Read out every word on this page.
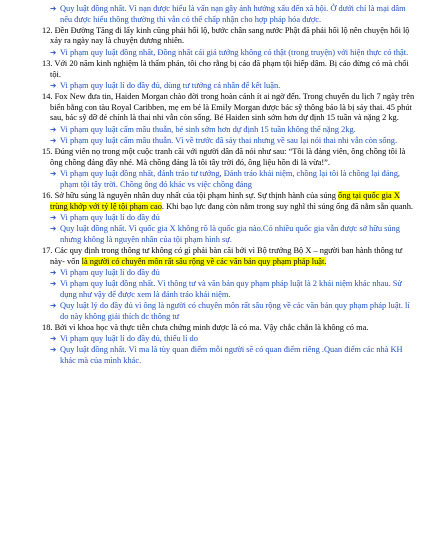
➔ Quy luật đồng nhất. Vì nạn được hiểu là vấn nạn gây ảnh hưởng xấu đến xã hội. Ở dưới chỉ là mại dâm nếu được hiểu thông thường thì vẫn có thể chấp nhận cho hợp pháp hóa được.
12. Đền Đường Tăng đi lấy kinh cũng phải hối lộ, bước chân sang nước Phật đã phải hối lộ nên chuyện hối lộ xảy ra ngày nay là chuyện đương nhiên.
➔ Vi phạm quy luật đồng nhất, Đồng nhất cái giả tưởng không có thật (trong truyện) với hiện thực có thật.
13. Với 20 năm kinh nghiệm là thẩm phán, tôi cho rằng bị cáo đã phạm tội hiếp dâm. Bị cáo đừng có mà chối tội.
➔ Vi phạm quy luật lí do đầy đủ, dùng tư tưởng cá nhân để kết luận.
14. Fox New đưa tin, Haiden Morgan chào đời trong hoàn cảnh ít ai ngờ đến. Trong chuyến du lịch 7 ngày trên biển bằng con tàu Royal Caribben, mẹ em bé là Emily Morgan được bác sỹ thông báo là bị sảy thai. 45 phút sau, bác sỹ đỡ đẻ chính là thai nhi vẫn còn sống. Bé Haiden sinh sớm hơn dự định 15 tuần và nặng 2 kg.
➔ Vi phạm quy luật cấm mâu thuẫn, bé sinh sớm hơn dự định 15 tuần không thể nặng 2kg.
➔ Vi phạm quy luật cấm mâu thuẫn. Vì về trước đã sảy thai nhưng về sau lại nói thai nhi vẫn còn sống.
15. Đúng viên nọ trong một cuộc tranh cãi với người dân đã nói như sau: “Tôi là đảng viên, ông chồng tôi là ông chồng đảng đầy nhé. Mà chồng đảng là tôi tây trời đó, ông liệu hồn đi là vừa!”.
➔ Vi phạm quy luật đồng nhất, đánh tráo tư tưởng, Đánh tráo khái niệm, chồng lại tôi là chồng lại đảng, phạm tội tây trời. Chồng ông đó khác vs việc chồng đảng
16. Sở hữu súng là nguyên nhân duy nhất của tội phạm hình sự. Sự thịnh hành của súng ống tại quốc gia X trùng khớp với tỷ lệ tội phạm cao. Khi bạo lực đang còn nằm trong suy nghĩ thì súng ống đã nằm sẵn quanh.
➔ Vi phạm quy luật lí do đầy đủ
➔ Quy luật đồng nhất. Vì quốc gia X không rõ là quốc gia nào.Có nhiều quốc gia vẫn được sở hữu súng nhưng không là nguyên nhân của tội phạm hình sự.
17. Các quy định trong thông tư không có gì phải bàn cãi bởi vì Bộ trưởng Bộ X – người ban hành thông tư này- vốn là người có chuyên môn rất sâu rộng về các văn bản quy phạm pháp luật.
➔ Vi phạm quy luật lí do đầy đủ
➔ Vi phạm quy luật đồng nhất. Vì thông tư và văn bản quy phạm pháp luật là 2 khái niệm khác nhau. Sử dụng như vậy để được xem là đánh tráo khái niệm.
➔ Quy luật lý do đầy đủ vì ông là người có chuyên môn rất sâu rộng về các văn bản quy phạm pháp luật. lí do này không giải thích đc thông tư
18. Bởi vì khoa học và thực tiễn chưa chứng minh được là có ma. Vậy chắc chắn là không có ma.
➔ Vi phạm quy luật lí do đầy đủ, thiếu lí do
➔ Quy luật đồng nhất. Vì ma là tùy quan điểm mỗi người sẽ có quan điểm riêng .Quan điểm các nhà KH khác mà của mình khác.
